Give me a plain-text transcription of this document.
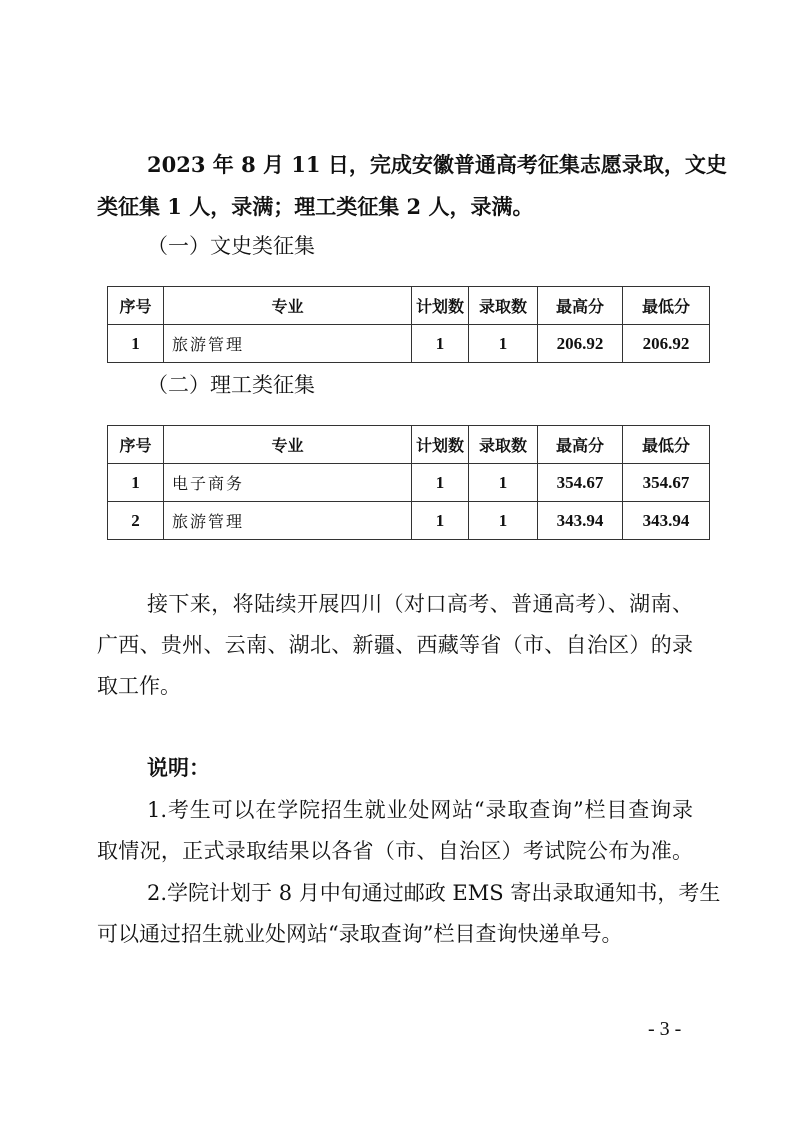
2023 年 8 月 11 日，完成安徽普通高考征集志愿录取，文史
类征集 1 人，录满；理工类征集 2 人，录满。
（一）文史类征集
序号	专业	计划数	录取数	最高分	最低分
1	旅游管理	1	1	206.92	206.92
（二）理工类征集
序号	专业	计划数	录取数	最高分	最低分
1	电子商务	1	1	354.67	354.67
2	旅游管理	1	1	343.94	343.94
接下来，将陆续开展四川（对口高考、普通高考）、湖南、
广西、贵州、云南、湖北、新疆、西藏等省（市、自治区）的录
取工作。
说明：
1.考生可以在学院招生就业处网站“录取查询”栏目查询录
取情况，正式录取结果以各省（市、自治区）考试院公布为准。
2.学院计划于 8 月中旬通过邮政 EMS 寄出录取通知书，考生
可以通过招生就业处网站“录取查询”栏目查询快递单号。
- 3 -
